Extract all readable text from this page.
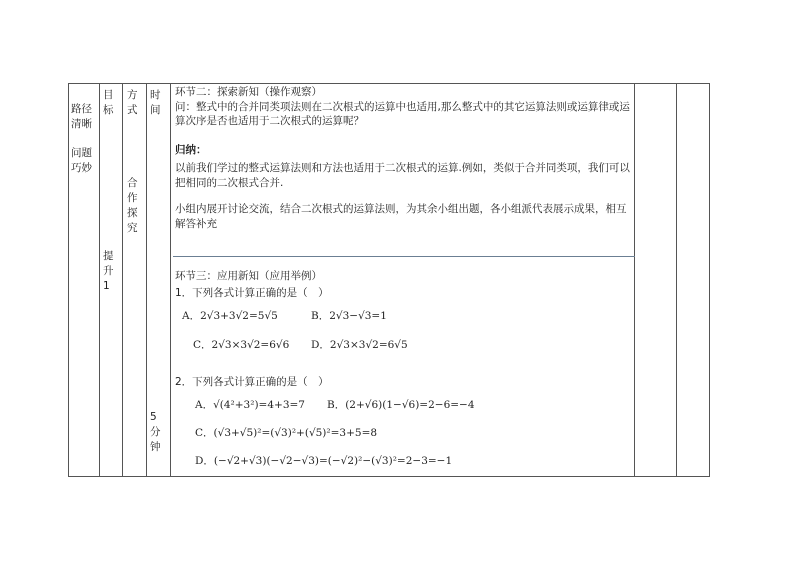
路径清晰
问题巧妙
目标
提升1
方式
合作探究
时间
5分钟

环节二：探索新知（操作观察）

问：整式中的合并同类项法则在二次根式的运算中也适用,那么整式中的其它运算法则或运算律或运算次序是否也适用于二次根式的运算呢？

归纳：

以前我们学过的整式运算法则和方法也适用于二次根式的运算.例如，类似于合并同类项，我们可以把相同的二次根式合并.

小组内展开讨论交流，结合二次根式的运算法则，为其余小组出题，各小组派代表展示成果，相互解答补充

环节三：应用新知（应用举例）
1．下列各式计算正确的是（　）
A．2√3+3√2=5√5	B．2√3−√3=1
C．2√3×3√2=6√6 D．2√3×3√2=6√5
2．下列各式计算正确的是（　）
A．√(4²+3²)=4+3=7 B．(2+√6)(1−√6)=2−6=−4
C．(√3+√5)²=(√3)²+(√5)²=3+5=8
D．(−√2+√3)(−√2−√3)=(−√2)²−(√3)²=2−3=−1
